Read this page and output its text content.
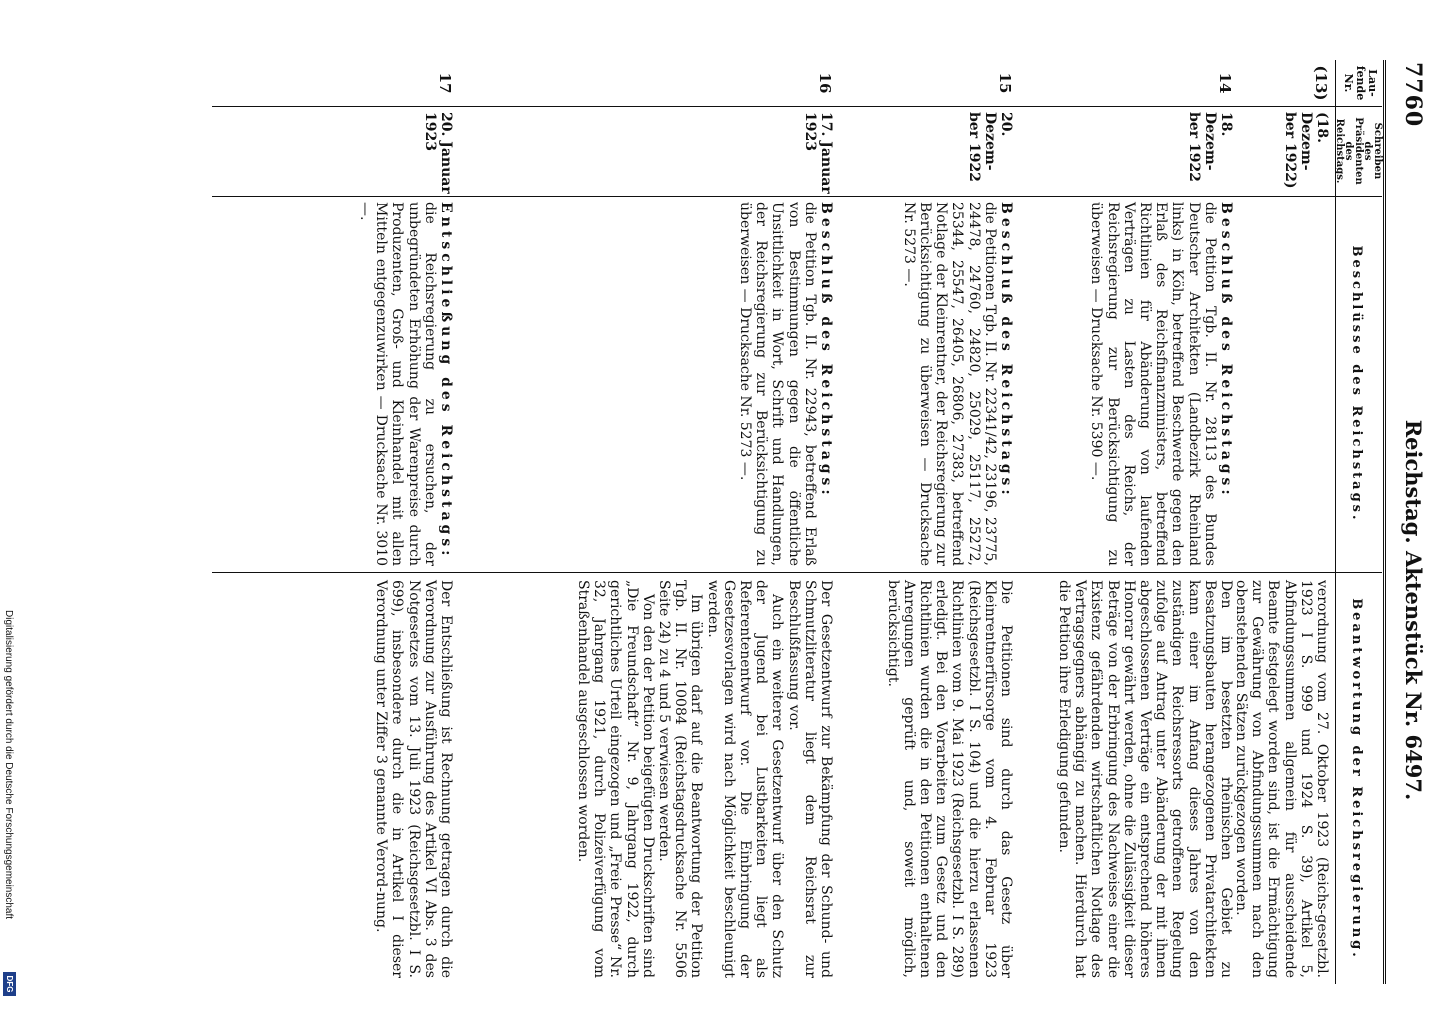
7760
Reichstag. Aktenstück Nr. 6497.
Lau-
fende
Nr.
Schreiben
des
Präsidenten
des
Reichstags.
Beschlüsse des Reichstags.
Beantwortung der Reichsregierung.
(13)
(18. Dezem-
ber 1922)
verordnung vom 27. Oktober 1923 (Reichs-gesetzbl. 1923 I S. 999 und 1924 S. 39), Artikel 5, Abfindungssummen allgemein für ausscheidende Beamte festgelegt worden sind, ist die Ermächtigung zur Gewährung von Abfindungssummen nach den obenstehenden Sätzen zurückgezogen worden.
14
18. Dezem-
ber 1922
Beschluß des Reichstags:
die Petition Tgb. II. Nr. 28113 des Bundes Deutscher Architekten (Landbezirk Rheinland links) in Köln, betreffend Beschwerde gegen den Erlaß des Reichsfinanzministers, betreffend Richtlinien für Abänderung von laufenden Verträgen zu Lasten des Reichs, der Reichsregierung zur Berücksichtigung zu überweisen — Drucksache Nr. 5390 —.

Den im besetzten rheinischen Gebiet zu Besatzungsbauten herangezogenen Privatarchitekten kann einer im Anfang dieses Jahres von den zuständigen Reichsressorts getroffenen Regelung zufolge auf Antrag unter Abänderung der mit ihnen abgeschlossenen Verträge ein entsprechend höheres Honorar gewährt werden, ohne die Zulässigkeit dieser Beträge von der Erbringung des Nachweises einer die Existenz gefährdenden wirtschaftlichen Notlage des Vertragsgegners abhängig zu machen. Hierdurch hat die Petition ihre Erledigung gefunden.

15
20. Dezem-
ber 1922
Beschluß des Reichstags:
die Petitionen Tgb. II. Nr. 22341/42, 23196, 23775, 24478, 24760, 24820, 25029, 25117, 25272, 25344, 25547, 26405, 26806, 27383, betreffend Notlage der Kleinrentner, der Reichsregierung zur Berücksichtigung zu überweisen — Drucksache Nr. 5273 —.

Die Petitionen sind durch das Gesetz über Kleinrentnerfürsorge vom 4. Februar 1923 (Reichsgesetzbl. I S. 104) und die hierzu erlassenen Richtlinien vom 9. Mai 1923 (Reichsgesetzbl. I S. 289) erledigt. Bei den Vorarbeiten zum Gesetz und den Richtlinien wurden die in den Petitionen enthaltenen Anregungen geprüft und, soweit möglich, berücksichtigt.

16
17. Januar
1923
Beschluß des Reichstags:
die Petition Tgb. II. Nr. 22943, betreffend Erlaß von Bestimmungen gegen die öffentliche Unsittlichkeit in Wort, Schrift und Handlungen, der Reichsregierung zur Berücksichtigung zu überweisen — Drucksache Nr. 5273 —.

Der Gesetzentwurf zur Bekämpfung der Schund- und Schmutzliteratur liegt dem Reichsrat zur Beschlußfassung vor.

Auch ein weiterer Gesetzentwurf über den Schutz der Jugend bei Lustbarkeiten liegt als Referentenentwurf vor. Die Einbringung der Gesetzesvorlagen wird nach Möglichkeit beschleunigt werden.

Im übrigen darf auf die Beantwortung der Petition Tgb. II. Nr. 10084 (Reichstagsdrucksache Nr. 5506 Seite 24) zu 4 und 5 verwiesen werden.

Von den der Petition beigefügten Druckschriften sind „Die Freundschaft“ Nr. 9, Jahrgang 1922, durch gerichtliches Urteil eingezogen und „Freie Presse“ Nr. 32, Jahrgang 1921, durch Polizeiverfügung vom Straßenhandel ausgeschlossen worden.

17
20. Januar
1923
Entschließung des Reichstags:
die Reichsregierung zu ersuchen, der unbegründeten Erhöhung der Warenpreise durch Produzenten, Groß- und Kleinhandel mit allen Mitteln entgegenzuwirken — Drucksache Nr. 3010 —.

Der Entschließung ist Rechnung getragen durch die Verordnung zur Ausführung des Artikel VI Abs. 3 des Notgesetzes vom 13. Juli 1923 (Reichsgesetzbl. I S. 699), insbesondere durch die in Artikel I dieser Verordnung unter Ziffer 3 genannte Verord-nung.

Digitalisierung gefördert durch die Deutsche Forschungsgemeinschaft
DFG
